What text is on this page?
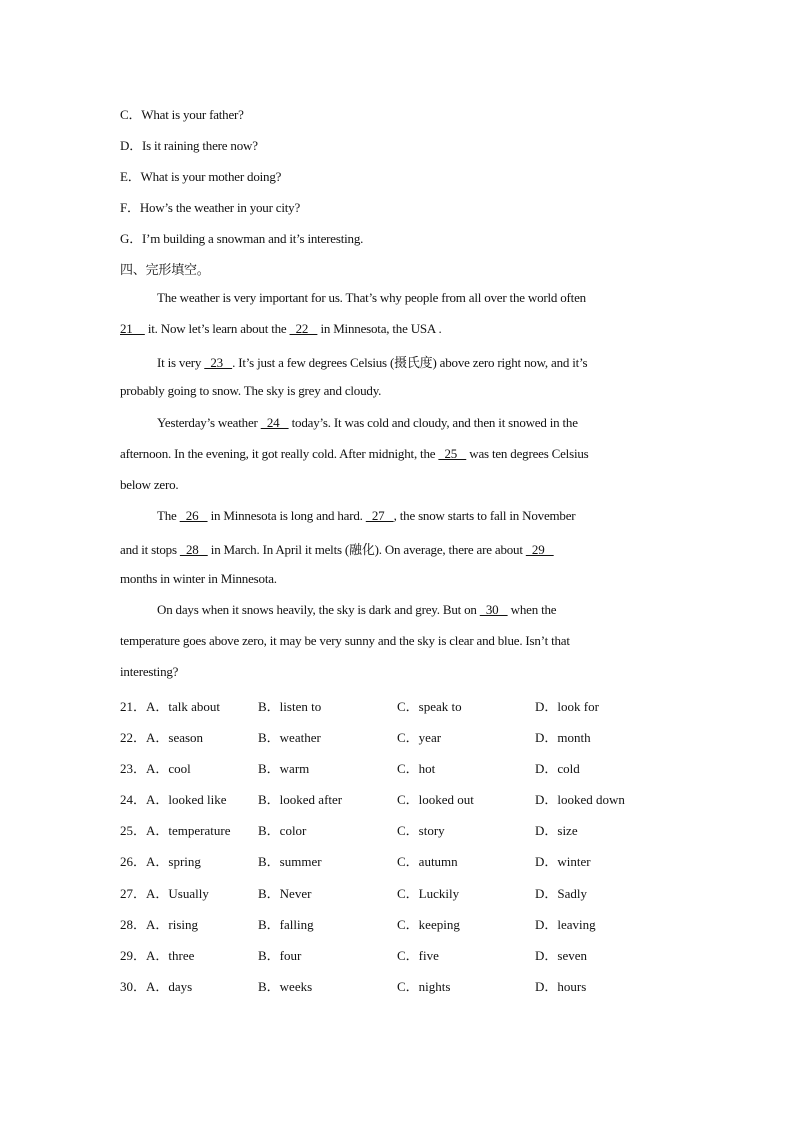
C．What is your father?
D．Is it raining there now?
E．What is your mother doing?
F．How’s the weather in your city?
G．I’m building a snowman and it’s interesting.
四、完形填空。
The weather is very important for us. That’s why people from all over the world often
21     it. Now let’s learn about the   22    in Minnesota, the USA .
It is very   23   . It’s just a few degrees Celsius (摄氏度) above zero right now, and it’s
probably going to snow. The sky is grey and cloudy.
Yesterday’s weather   24    today’s. It was cold and cloudy, and then it snowed in the
afternoon. In the evening, it got really cold. After midnight, the   25    was ten degrees Celsius
below zero.
The   26    in Minnesota is long and hard.   27   , the snow starts to fall in November
and it stops   28    in March. In April it melts (融化). On average, there are about   29
months in winter in Minnesota.
On days when it snows heavily, the sky is dark and grey. But on   30    when the
temperature goes above zero, it may be very sunny and the sky is clear and blue. Isn’t that
interesting?
21．A．talk about	B．listen to	C．speak to	D．look for
22．A．season	B．weather	C．year	D．month
23．A．cool	B．warm	C．hot	D．cold
24．A．looked like B．looked after	C．looked out	D．looked down
25．A．temperature B．color	C．story	D．size
26．A．spring	B．summer	C．autumn	D．winter
27．A．Usually	B．Never	C．Luckily	D．Sadly
28．A．rising	B．falling	C．keeping	D．leaving
29．A．three	B．four	C．five	D．seven
30．A．days	B．weeks	C．nights	D．hours
